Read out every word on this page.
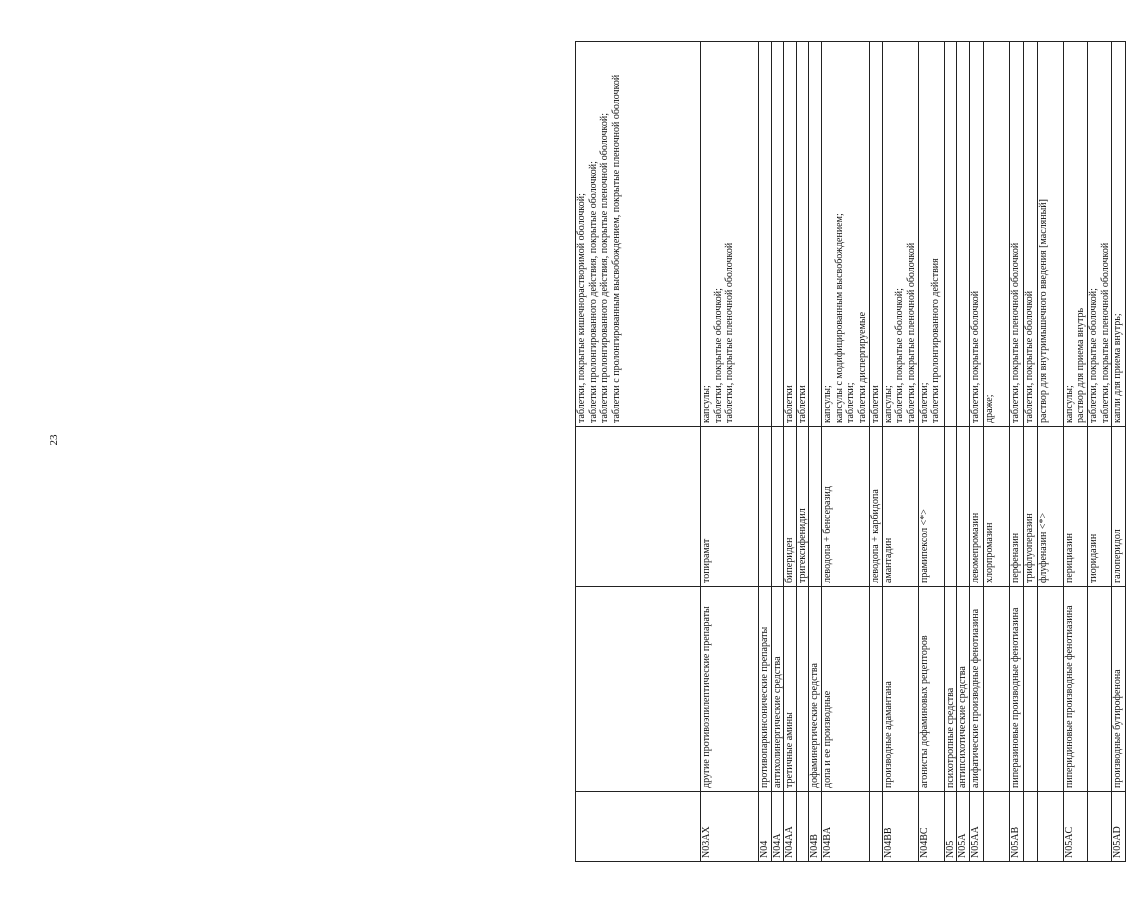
23

			таблетки, покрытые кишечнорастворимой оболочкой; таблетки пролонгированного действия, покрытые оболочкой; таблетки пролонгированного действия, покрытые пленочной оболочкой; таблетки с пролонгированным высвобождением, покрытые пленочной оболочкой

N03AX	другие противоэпилептические препараты	топирамат	капсулы; таблетки, покрытые оболочкой; таблетки, покрытые пленочной оболочкой

N04	противопаркинсонические препараты		
N04A	антихолинергические средства		
N04AA	третичные амины	бипериден	таблетки
		тригексифенидил	таблетки
N04B	дофаминергические средства		
N04BA	допа и ее производные	леводопа + бенсеразид	капсулы; капсулы с модифицированным высвобождением; таблетки; таблетки диспергируемые

		леводопа + карбидопа	таблетки
N04BB	производные адамантана	амантадин	капсулы; таблетки, покрытые оболочкой; таблетки, покрытые пленочной оболочкой

N04BC	агонисты дофаминовых рецепторов	прамипексол <*>	таблетки; таблетки пролонгированного действия

N05	психотропные средства		
N05A	антипсихотические средства		
N05AA	алифатические производные фенотиазина	левомепромазин	таблетки, покрытые оболочкой
		хлорпромазин	драже;
N05AB	пиперазиновые производные фенотиазина	перфеназин	таблетки, покрытые пленочной оболочкой
		трифлуоперазин	таблетки, покрытые оболочкой
		флуфеназин <*>	раствор для внутримышечного введения [масляный]
N05AC	пиперидиновые производные фенотиазина	перициазин	капсулы; раствор для приема внутрь

		тиоридазин	таблетки, покрытые оболочкой; таблетки, покрытые пленочной оболочкой

N05AD	производные бутирофенона	галоперидол	капли для приема внутрь;
